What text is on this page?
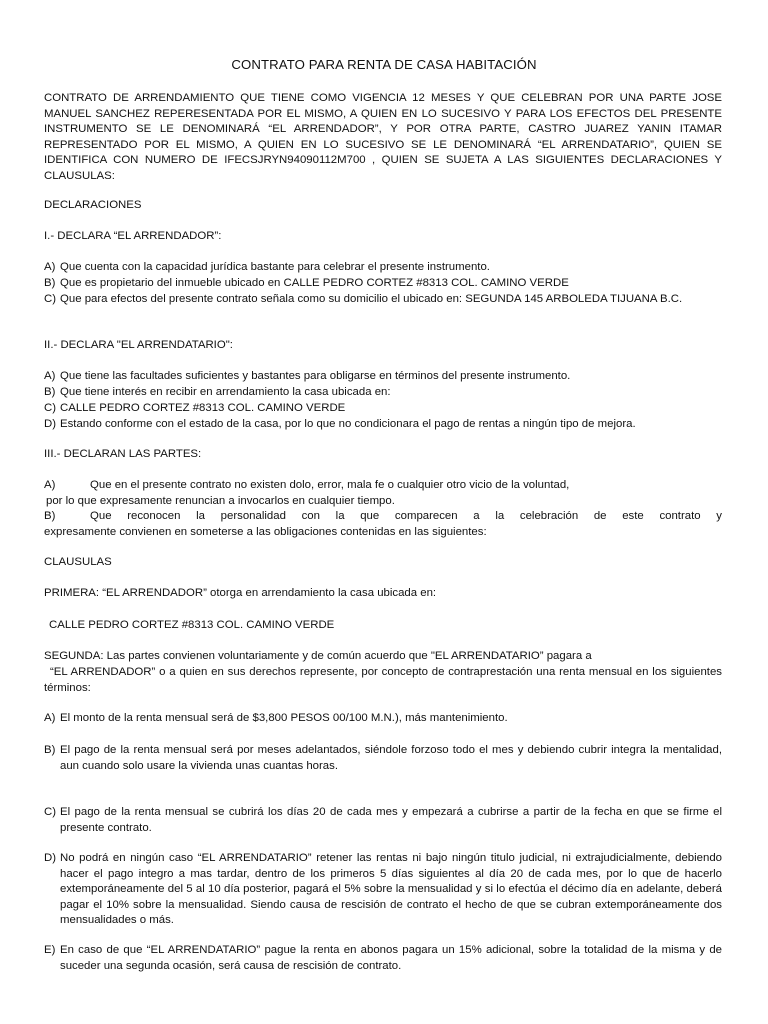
CONTRATO PARA RENTA DE CASA HABITACIÓN
CONTRATO DE ARRENDAMIENTO QUE TIENE COMO VIGENCIA 12 MESES Y QUE CELEBRAN POR UNA PARTE JOSE MANUEL SANCHEZ REPERESENTADA POR EL MISMO, A QUIEN EN LO SUCESIVO Y PARA LOS EFECTOS DEL PRESENTE INSTRUMENTO SE LE DENOMINARÁ “EL ARRENDADOR”, Y POR OTRA PARTE, CASTRO JUAREZ YANIN ITAMAR REPRESENTADO POR EL MISMO, A QUIEN EN LO SUCESIVO SE LE DENOMINARÁ “EL ARRENDATARIO”, QUIEN SE IDENTIFICA CON NUMERO DE IFECSJRYN94090112M700 , QUIEN SE SUJETA A LAS SIGUIENTES DECLARACIONES Y CLAUSULAS:
DECLARACIONES
I.- DECLARA “EL ARRENDADOR”:
A) Que cuenta con la capacidad jurídica bastante para celebrar el presente instrumento.
B) Que es propietario del inmueble ubicado en CALLE PEDRO CORTEZ #8313 COL. CAMINO VERDE
C) Que para efectos del presente contrato señala como su domicilio el ubicado en: SEGUNDA 145 ARBOLEDA TIJUANA B.C.
II.- DECLARA "EL ARRENDATARIO":
A) Que tiene las facultades suficientes y bastantes para obligarse en términos del presente instrumento.
B) Que tiene interés en recibir en arrendamiento la casa ubicada en:
C) CALLE PEDRO CORTEZ #8313 COL. CAMINO VERDE
D) Estando conforme con el estado de la casa, por lo que no condicionara el pago de rentas a ningún tipo de mejora.
III.- DECLARAN LAS PARTES:
A)	Que en el presente contrato no existen dolo, error, mala fe o cualquier otro vicio de la voluntad,
por lo que expresamente renuncian a invocarlos en cualquier tiempo.
B)	Que reconocen la personalidad con la que comparecen a la celebración de este contrato y
expresamente convienen en someterse a las obligaciones contenidas en las siguientes:
CLAUSULAS
PRIMERA: “EL ARRENDADOR” otorga en arrendamiento la casa ubicada en:
CALLE PEDRO CORTEZ #8313 COL. CAMINO VERDE
SEGUNDA: Las partes convienen voluntariamente y de común acuerdo que "EL ARRENDATARIO” pagara a
“EL ARRENDADOR” o a quien en sus derechos represente, por concepto de contraprestación una renta mensual en los siguientes términos:
A) El monto de la renta mensual será de $3,800 PESOS 00/100 M.N.), más mantenimiento.
B) El pago de la renta mensual será por meses adelantados, siéndole forzoso todo el mes y debiendo cubrir integra la mentalidad, aun cuando solo usare la vivienda unas cuantas horas.
C) El pago de la renta mensual se cubrirá los días 20 de cada mes y empezará a cubrirse a partir de la fecha en que se firme el presente contrato.
D) No podrá en ningún caso “EL ARRENDATARIO” retener las rentas ni bajo ningún titulo judicial, ni extrajudicialmente, debiendo hacer el pago integro a mas tardar, dentro de los primeros 5 días siguientes al día 20 de cada mes, por lo que de hacerlo extemporáneamente del 5 al 10 día posterior, pagará el 5% sobre la mensualidad y si lo efectúa el décimo día en adelante, deberá pagar el 10% sobre la mensualidad. Siendo causa de rescisión de contrato el hecho de que se cubran extemporáneamente dos mensualidades o más.
E) En caso de que “EL ARRENDATARIO” pague la renta en abonos pagara un 15% adicional, sobre la totalidad de la misma y de suceder una segunda ocasión, será causa de rescisión de contrato.
